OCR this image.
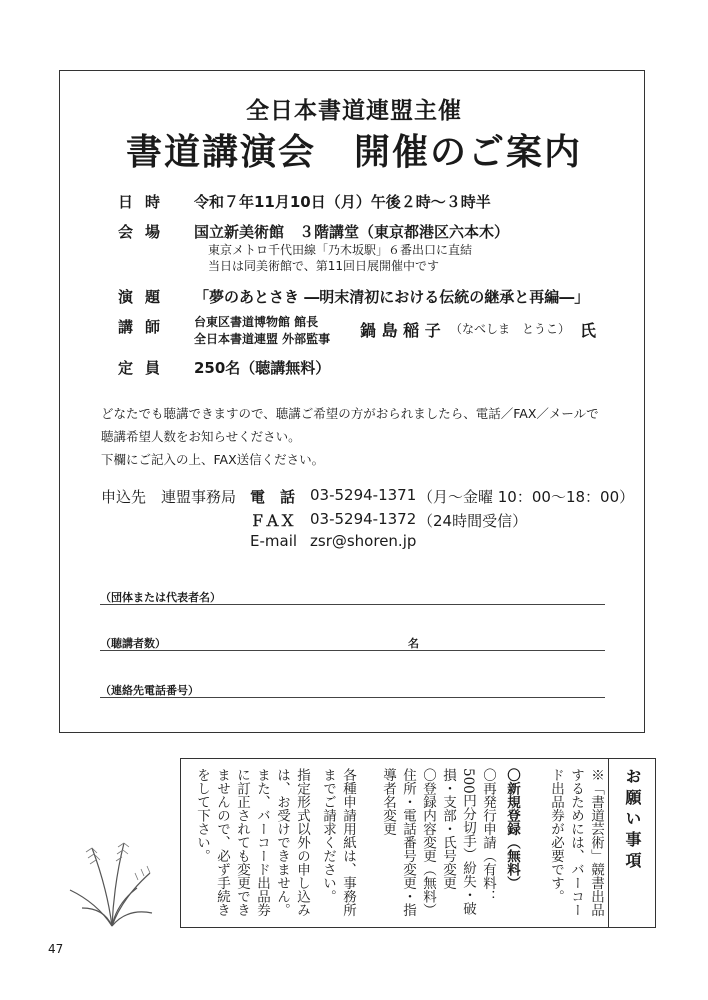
全日本書道連盟主催
書道講演会　開催のご案内
日時 令和７年11月10日（月）午後２時～３時半
会場 国立新美術館　３階講堂（東京都港区六本木）
東京メトロ千代田線「乃木坂駅」６番出口に直結
当日は同美術館で、第11回日展開催中です
演題 「夢のあとさき ―明末清初における伝統の継承と再編―」
講師 台東区書道博物館 館長
全日本書道連盟 外部監事 鍋 島 稲 子 （なべしま　とうこ） 氏
定員 250名（聴講無料）
どなたでも聴講できますので、聴講ご希望の方がおられましたら、電話／FAX／メールで
聴講希望人数をお知らせください。
下欄にご記入の上、FAX送信ください。
申込先　連盟事務局 電　話 03-5294-1371 （月～金曜 10：00～18：00）
ＦＡＸ 03-5294-1372 （24時間受信）
E-mail zsr@shoren.jp
（団体または代表者名）
（聴講者数）	名
（連絡先電話番号）
お願い事項
※「書道芸術」競書出品するためには、バーコード出品券が必要です。
〇新規登録（無料）
〇再発行申請（有料：500円分切手）紛失・破損・支部・氏号変更
〇登録内容変更（無料）住所・電話番号変更・指導者名変更
各種申請用紙は、事務所までご請求ください。
指定形式以外の申し込みは、お受けできません。また、バーコード出品券に訂正されても変更できませんので、必ず手続きをして下さい。
47
